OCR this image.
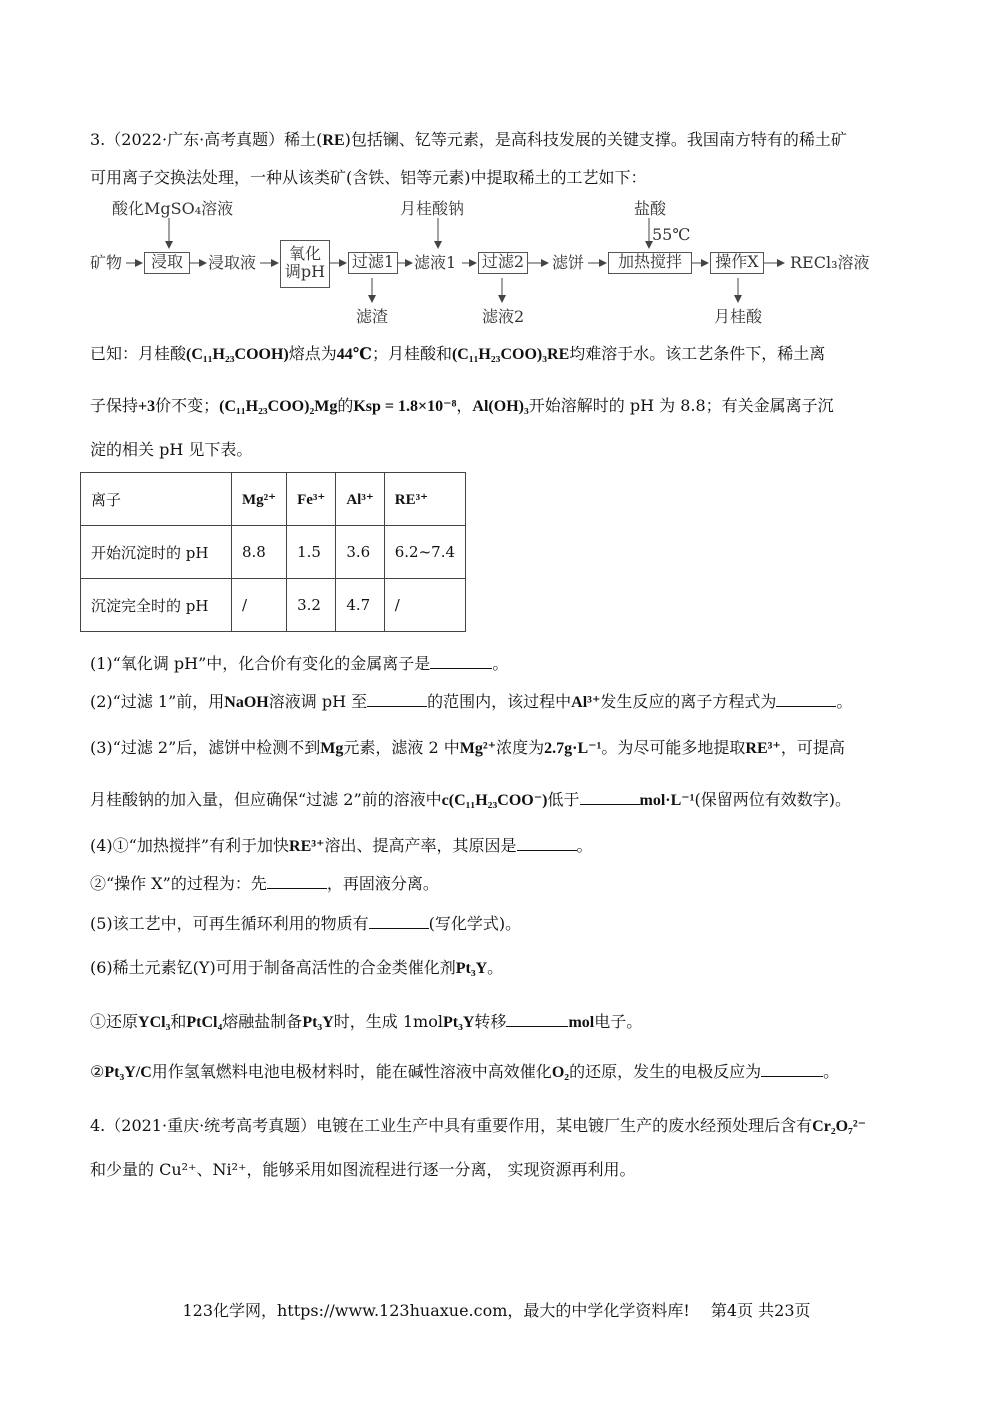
3.（2022·广东·高考真题）稀土(RE)包括镧、钇等元素，是高科技发展的关键支撑。我国南方特有的稀土矿
可用离子交换法处理，一种从该类矿(含铁、铝等元素)中提取稀土的工艺如下：
酸化MgSO₄溶液	月桂酸钠	盐酸
55℃
矿物	浸取	浸取液	氧化
调pH
过滤1 滤液1 过滤2 滤饼	加热搅拌	操作X	RECl₃溶液
滤渣	滤液2	月桂酸
已知：月桂酸(C₁₁H₂₃COOH)熔点为44℃；月桂酸和(C₁₁H₂₃COO)₃RE均难溶于水。该工艺条件下，稀土离
子保持+3价不变；(C₁₁H₂₃COO)₂Mg的Ksp = 1.8×10⁻⁸，Al(OH)₃开始溶解时的 pH 为 8.8；有关金属离子沉
淀的相关 pH 见下表。
离子	Mg²⁺	Fe³⁺	Al³⁺	RE³⁺
开始沉淀时的 pH	8.8	1.5	3.6	6.2~7.4
沉淀完全时的 pH	/	3.2	4.7	/
(1)“氧化调 pH”中，化合价有变化的金属离子是	。
(2)“过滤 1”前，用NaOH溶液调 pH 至	的范围内，该过程中Al³⁺发生反应的离子方程式为	。
(3)“过滤 2”后，滤饼中检测不到Mg元素，滤液 2 中Mg²⁺浓度为2.7g·L⁻¹。为尽可能多地提取RE³⁺，可提高
月桂酸钠的加入量，但应确保“过滤 2”前的溶液中c(C₁₁H₂₃COO⁻)低于	mol·L⁻¹(保留两位有效数字)。
(4)①“加热搅拌”有利于加快RE³⁺溶出、提高产率，其原因是	。
②“操作 X”的过程为：先	，再固液分离。
(5)该工艺中，可再生循环利用的物质有	(写化学式)。
(6)稀土元素钇(Y)可用于制备高活性的合金类催化剂Pt₃Y。
①还原YCl₃和PtCl₄熔融盐制备Pt₃Y时，生成 1molPt₃Y转移	mol电子。
②Pt₃Y/C用作氢氧燃料电池电极材料时，能在碱性溶液中高效催化O₂的还原，发生的电极反应为	。
4.（2021·重庆·统考高考真题）电镀在工业生产中具有重要作用，某电镀厂生产的废水经预处理后含有Cr₂O₇²⁻
和少量的 Cu²⁺、Ni²⁺，能够采用如图流程进行逐一分离， 实现资源再利用。
123化学网，https://www.123huaxue.com，最大的中学化学资料库!　 第4页 共23页
